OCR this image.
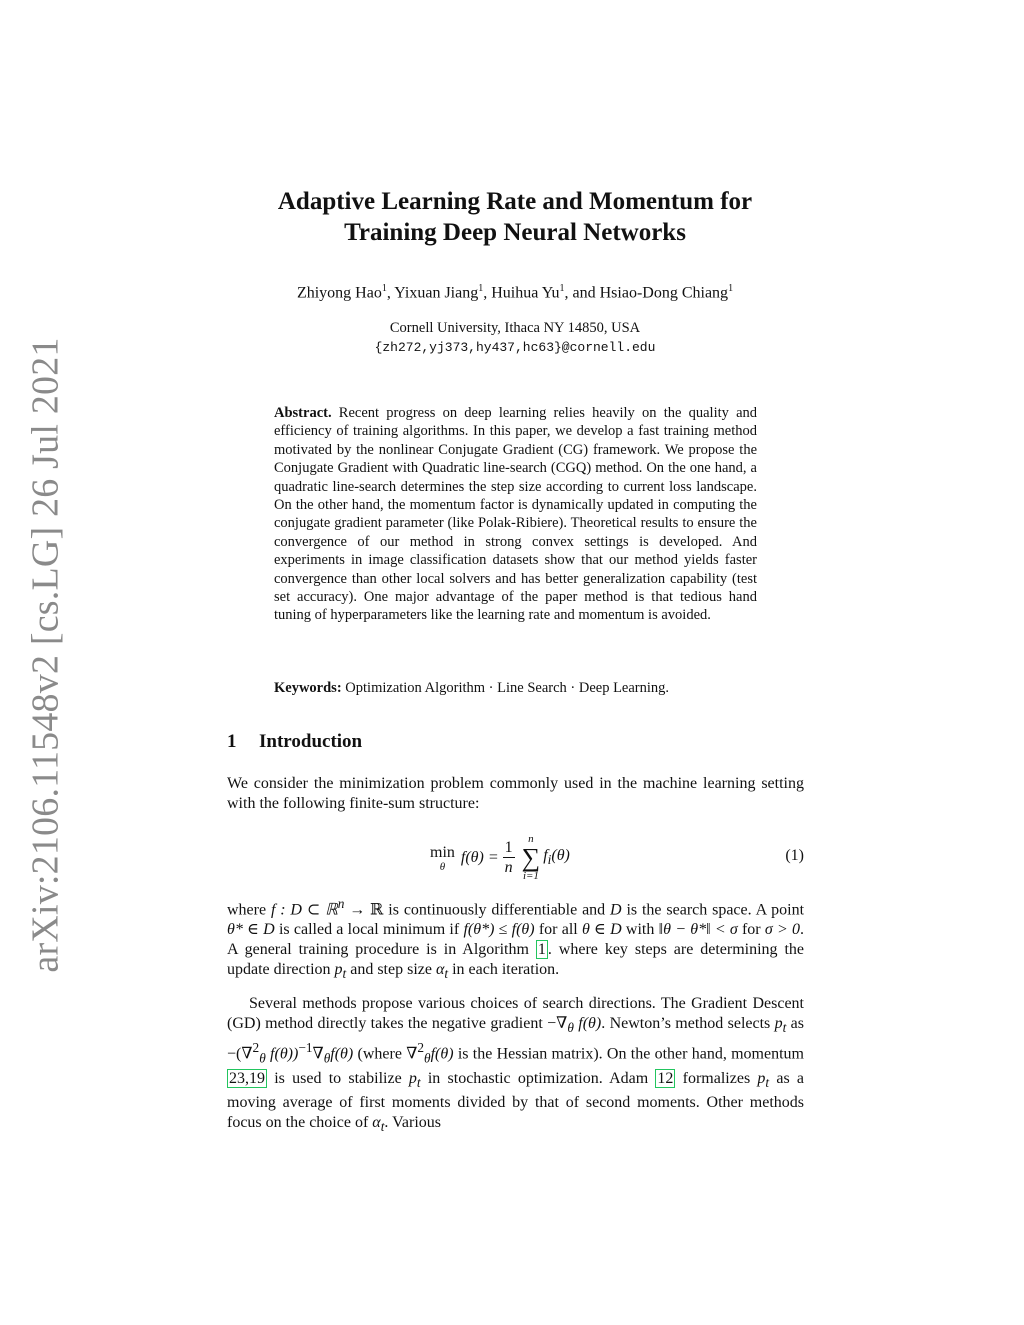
arXiv:2106.11548v2 [cs.LG] 26 Jul 2021
Adaptive Learning Rate and Momentum for
Training Deep Neural Networks
Zhiyong Hao$^1$, Yixuan Jiang$^1$, Huihua Yu$^1$, and Hsiao-Dong Chiang$^1$
Cornell University, Ithaca NY 14850, USA
{zh272,yj373,hy437,hc63}@cornell.edu
Abstract. Recent progress on deep learning relies heavily on the quality and efficiency of training algorithms. In this paper, we develop a fast training method motivated by the nonlinear Conjugate Gradient (CG) framework. We propose the Conjugate Gradient with Quadratic line-search (CGQ) method. On the one hand, a quadratic line-search determines the step size according to current loss landscape. On the other hand, the momentum factor is dynamically updated in computing the conjugate gradient parameter (like Polak-Ribiere). Theoretical results to ensure the convergence of our method in strong convex settings is developed. And experiments in image classification datasets show that our method yields faster convergence than other local solvers and has better generalization capability (test set accuracy). One major advantage of the paper method is that tedious hand tuning of hyperparameters like the learning rate and momentum is avoided.
Keywords: Optimization Algorithm · Line Search · Deep Learning.
1 Introduction
We consider the minimization problem commonly used in the machine learning setting with the following finite-sum structure:
min
θ
$f(\theta) = \frac{1}{n}$ n
∑
i=1
$f_i(\theta)$	(1)
where f : D ⊂ ℝ$^n$ → ℝ is continuously differentiable and D is the search space. A point θ* ∈ D is called a local minimum if f(θ*) ≤ f(θ) for all θ ∈ D with ‖θ − θ*‖ < σ for σ > 0. A general training procedure is in Algorithm 1 . where key steps are determining the update direction $p_t$ and step size $\alpha_t$ in each iteration.
Several methods propose various choices of search directions. The Gradient Descent (GD) method directly takes the negative gradient $-\nabla_\theta$ f(θ). Newton’s method selects $p_t$ as −(∇$^2_\theta$ $f(\theta))^{-1}\nabla_\theta f(\theta)$ (where ∇$^2_\theta$f(θ) is the Hessian matrix). On the other hand, momentum 23,19 is used to stabilize $p_t$ in stochastic optimization. Adam 12 formalizes $p_t$ as a moving average of first moments divided by that of second moments. Other methods focus on the choice of $\alpha_t$. Various
